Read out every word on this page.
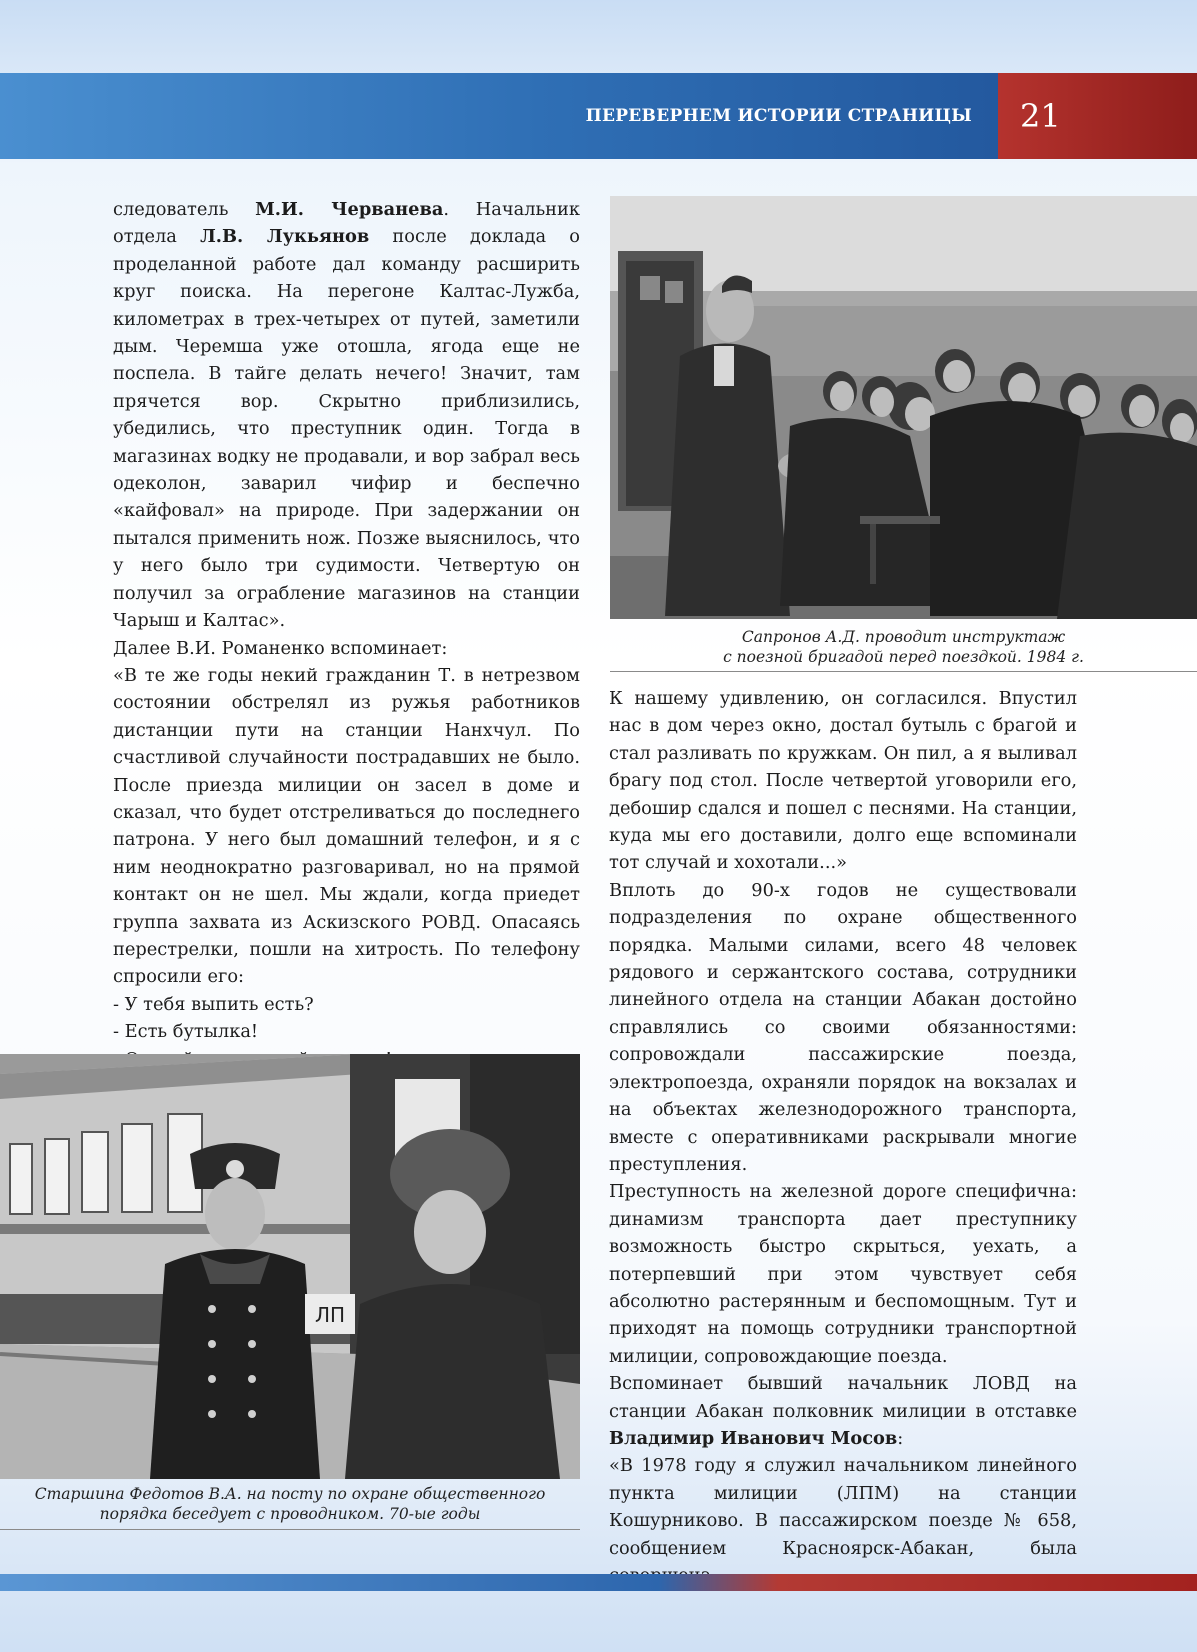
ПЕРЕВЕРНЕМ ИСТОРИИ СТРАНИЦЫ 21

следователь М.И. Черванева. Начальник отдела Л.В. Лукьянов после доклада о проделанной работе дал команду расширить круг поиска. На перегоне Калтас-Лужба, километрах в трех-четырех от путей, заметили дым. Черемша уже отошла, ягода еще не поспела. В тайге делать нечего! Значит, там прячется вор. Скрытно приблизились, убедились, что преступник один. Тогда в магазинах водку не продавали, и вор забрал весь одеколон, заварил чифир и беспечно «кайфовал» на природе. При задержании он пытался применить нож. Позже выяснилось, что у него было три судимости. Четвертую он получил за ограбление магазинов на станции Чарыш и Калтас».

Далее В.И. Романенко вспоминает:

«В те же годы некий гражданин Т. в нетрезвом состоянии обстрелял из ружья работников дистанции пути на станции Нанхчул. По счастливой случайности пострадавших не было. После приезда милиции он засел в доме и сказал, что будет отстреливаться до последнего патрона. У него был домашний телефон, и я с ним неоднократно разговаривал, но на прямой контакт он не шел. Мы ждали, когда приедет группа захвата из Аскизского РОВД. Опасаясь перестрелки, пошли на хитрость. По телефону спросили его:

- У тебя выпить есть?

- Есть бутылка!

Сапронов А.Д. проводит инструктаж
с поезной бригадой перед поездкой. 1984 г.

К нашему удивлению, он согласился. Впустил нас в дом через окно, достал бутыль с брагой и стал разливать по кружкам. Он пил, а я выливал брагу под стол. После четвертой уговорили его, дебошир сдался и пошел с песнями. На станции, куда мы его доставили, долго еще вспоминали тот случай и хохотали...»

Вплоть до 90-х годов не существовали подразделения по охране общественного порядка. Малыми силами, всего 48 человек рядового и сержантского состава, сотрудники линейного отдела на станции Абакан достойно справлялись со своими обязанностями: сопровождали пассажирские поезда, электропоезда, охраняли порядок на вокзалах и на объектах железнодорожного транспорта, вместе с оперативниками раскрывали многие преступления.

Преступность на железной дороге специфична: динамизм транспорта дает преступнику возможность быстро скрыться, уехать, а потерпевший при этом чувствует себя абсолютно растерянным и беспомощным. Тут и приходят на помощь сотрудники транспортной милиции, сопровождающие поезда.

Вспоминает бывший начальник ЛОВД на станции Абакан полковник милиции в отставке Владимир Иванович Мосов:

«В 1978 году я служил начальником линейного пункта милиции (ЛПМ) на станции Кошурниково. В пассажирском поезде № 658, сообщением Красноярск-Абакан, была

ЛП
Старшина Федотов В.А. на посту по охране общественного
порядка беседует с проводником. 70-ые годы
